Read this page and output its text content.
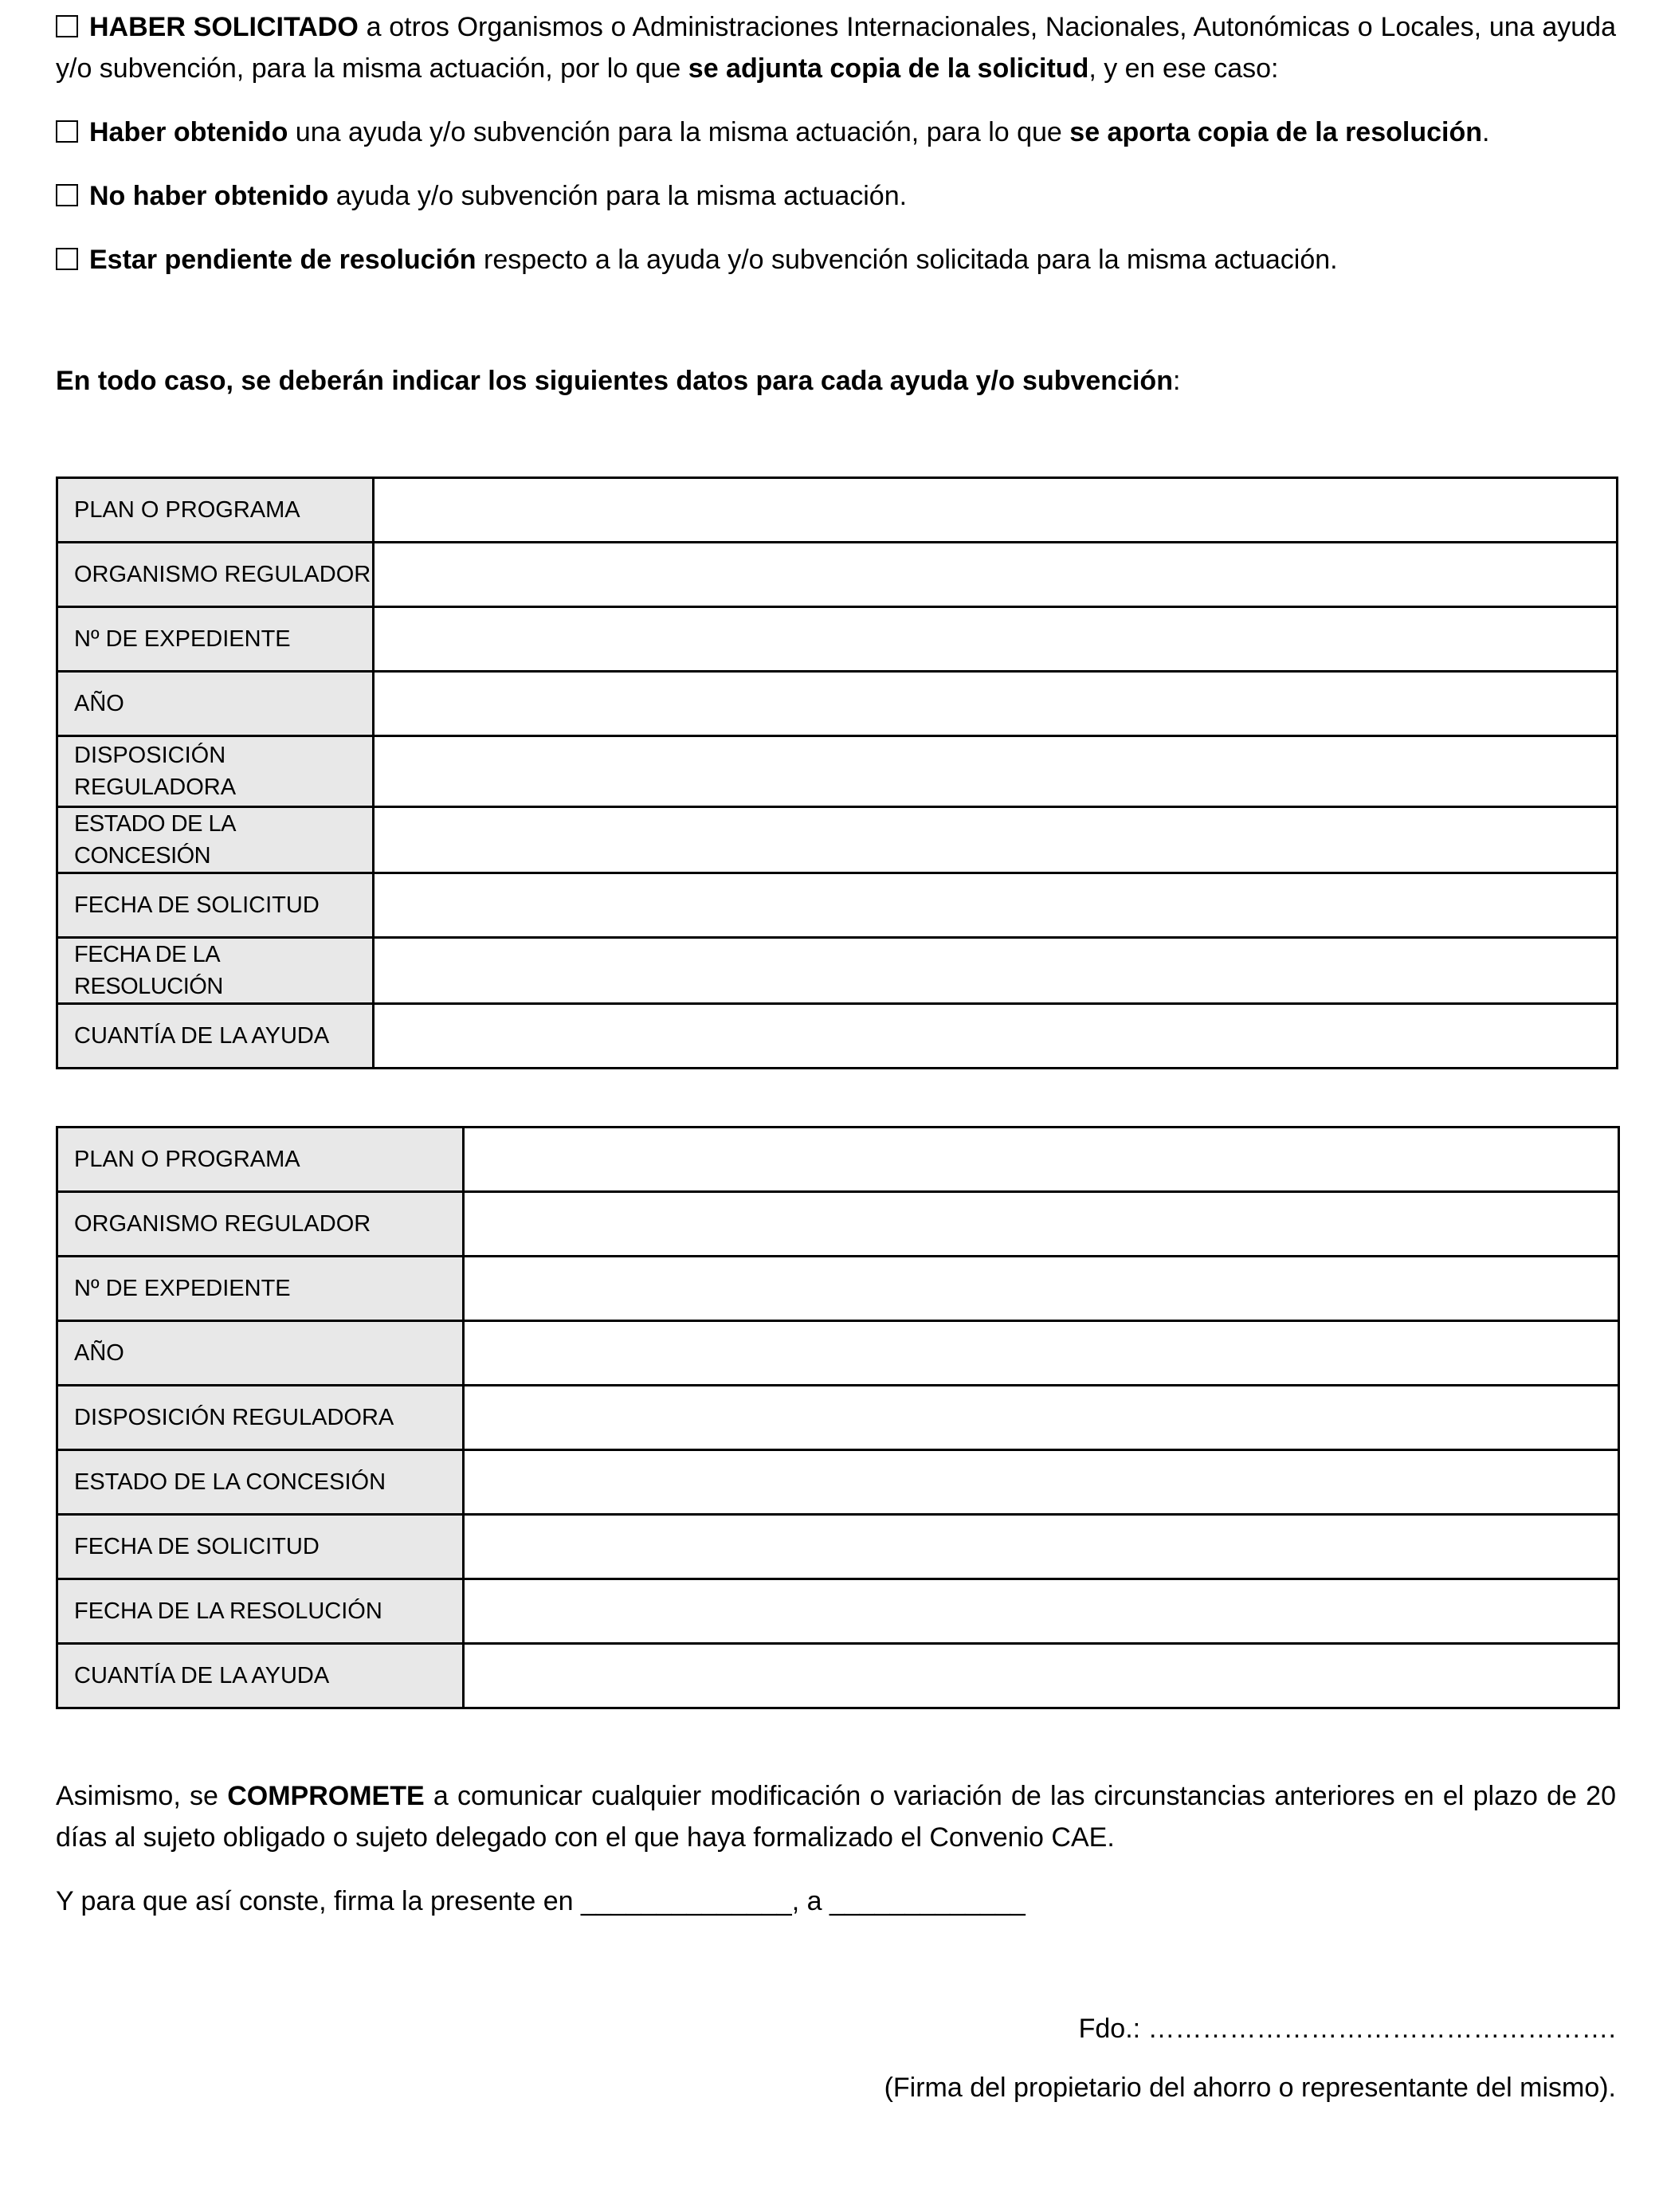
HABER SOLICITADO a otros Organismos o Administraciones Internacionales, Nacionales, Autonómicas o Locales, una ayuda y/o subvención, para la misma actuación, por lo que se adjunta copia de la solicitud, y en ese caso:
Haber obtenido una ayuda y/o subvención para la misma actuación, para lo que se aporta copia de la resolución.
No haber obtenido ayuda y/o subvención para la misma actuación.
Estar pendiente de resolución respecto a la ayuda y/o subvención solicitada para la misma actuación.
En todo caso, se deberán indicar los siguientes datos para cada ayuda y/o subvención:
PLAN O PROGRAMA	
ORGANISMO REGULADOR	
Nº DE EXPEDIENTE	
AÑO	
DISPOSICIÓN REGULADORA	
ESTADO DE LA CONCESIÓN	
FECHA DE SOLICITUD	
FECHA DE LA RESOLUCIÓN	
CUANTÍA DE LA AYUDA	
PLAN O PROGRAMA	
ORGANISMO REGULADOR	
Nº DE EXPEDIENTE	
AÑO	
DISPOSICIÓN REGULADORA	
ESTADO DE LA CONCESIÓN	
FECHA DE SOLICITUD	
FECHA DE LA RESOLUCIÓN	
CUANTÍA DE LA AYUDA	
Asimismo, se COMPROMETE a comunicar cualquier modificación o variación de las circunstancias anteriores en el plazo de 20 días al sujeto obligado o sujeto delegado con el que haya formalizado el Convenio CAE.
Y para que así conste, firma la presente en ______________, a _____________
Fdo.: …………………………………………….
(Firma del propietario del ahorro o representante del mismo).
